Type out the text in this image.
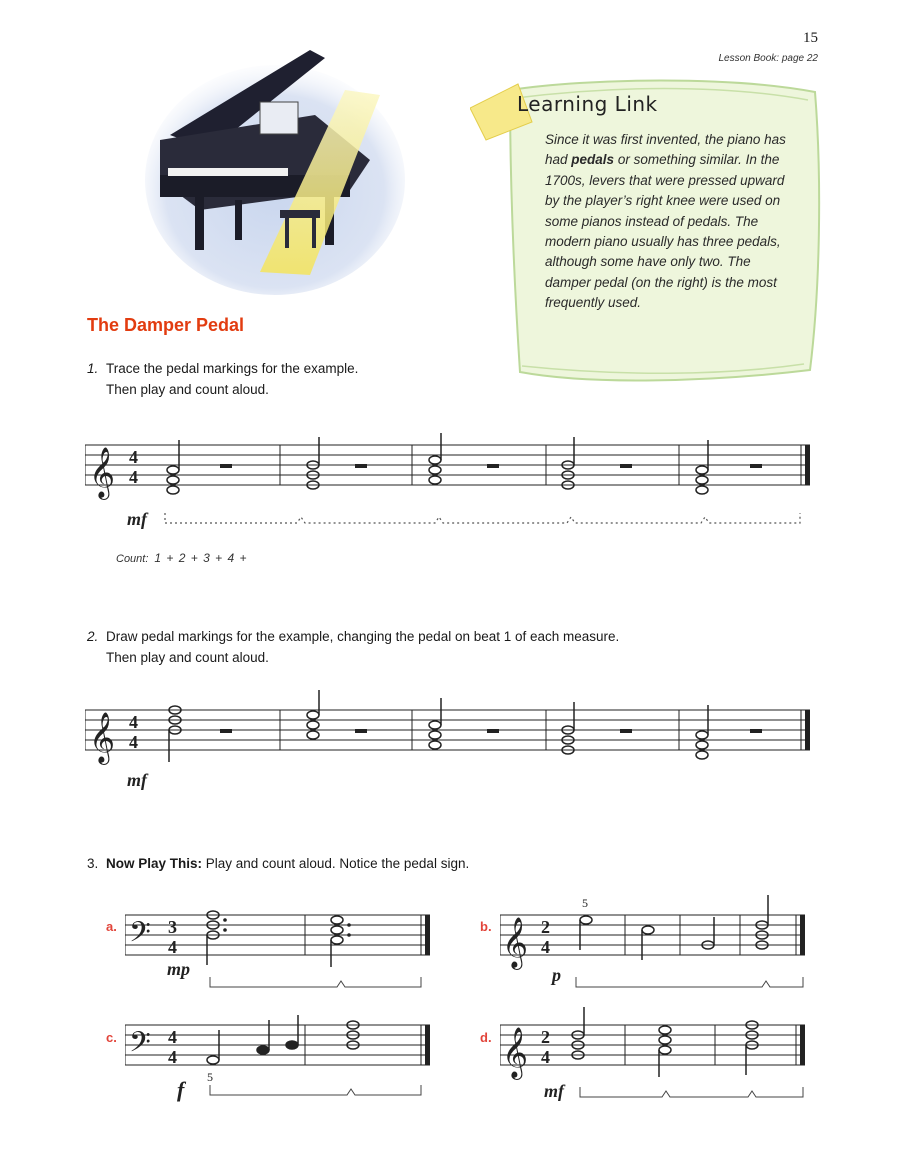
15
Lesson Book: page 22
Learning Link
Since it was first invented, the piano has had pedals or something similar. In the 1700s, levers that were pressed upward by the player’s right knee were used on some pianos instead of pedals. The modern piano usually has three pedals, although some have only two. The damper pedal (on the right) is the most frequently used.
The Damper Pedal
1. Trace the pedal markings for the example.
Then play and count aloud.
𝄞 4
4
mf
Count: 1 + 2 + 3 + 4 +
2. Draw pedal markings for the example, changing the pedal on beat 1 of each measure.
Then play and count aloud.
𝄞 4
4
mf
3. Now Play This: Play and count aloud. Notice the pedal sign.
a. 𝄢 3
4
mp
b. 𝄞 2
4
5
p
c. 𝄢 4
4
5
f
d. 𝄞 2
4
mf
